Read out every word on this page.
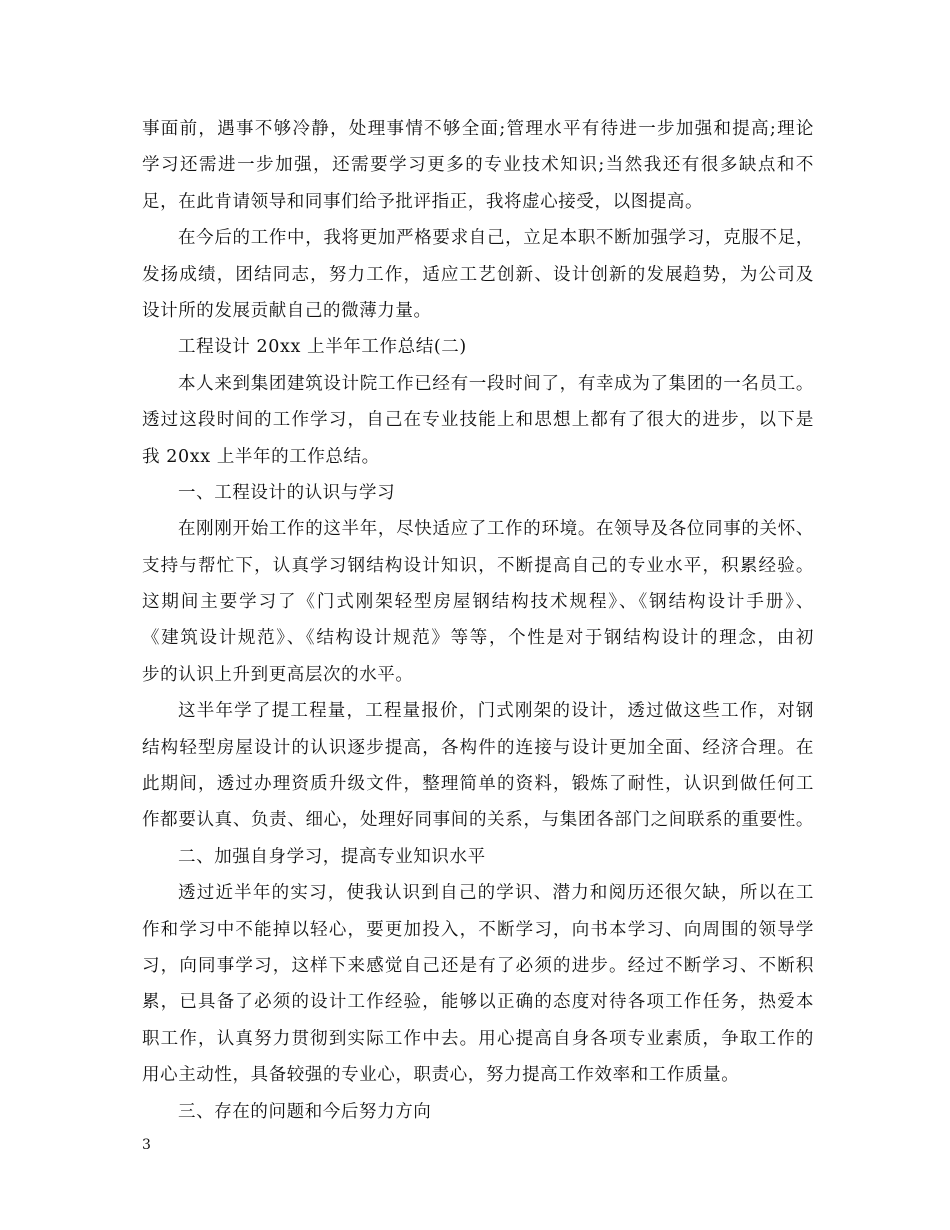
事面前，遇事不够冷静，处理事情不够全面;管理水平有待进一步加强和提高;理论
学习还需进一步加强，还需要学习更多的专业技术知识;当然我还有很多缺点和不
足，在此肯请领导和同事们给予批评指正，我将虚心接受，以图提高。
在今后的工作中，我将更加严格要求自己，立足本职不断加强学习，克服不足，
发扬成绩，团结同志，努力工作，适应工艺创新、设计创新的发展趋势，为公司及
设计所的发展贡献自己的微薄力量。
工程设计 20xx 上半年工作总结(二)
本人来到集团建筑设计院工作已经有一段时间了，有幸成为了集团的一名员工。
透过这段时间的工作学习，自己在专业技能上和思想上都有了很大的进步，以下是
我 20xx 上半年的工作总结。
一、工程设计的认识与学习
在刚刚开始工作的这半年，尽快适应了工作的环境。在领导及各位同事的关怀、
支持与帮忙下，认真学习钢结构设计知识，不断提高自己的专业水平，积累经验。
这期间主要学习了《门式刚架轻型房屋钢结构技术规程》、《钢结构设计手册》、
《建筑设计规范》、《结构设计规范》等等，个性是对于钢结构设计的理念，由初
步的认识上升到更高层次的水平。
这半年学了提工程量，工程量报价，门式刚架的设计，透过做这些工作，对钢
结构轻型房屋设计的认识逐步提高，各构件的连接与设计更加全面、经济合理。在
此期间，透过办理资质升级文件，整理简单的资料，锻炼了耐性，认识到做任何工
作都要认真、负责、细心，处理好同事间的关系，与集团各部门之间联系的重要性。
二、加强自身学习，提高专业知识水平
透过近半年的实习，使我认识到自己的学识、潜力和阅历还很欠缺，所以在工
作和学习中不能掉以轻心，要更加投入，不断学习，向书本学习、向周围的领导学
习，向同事学习，这样下来感觉自己还是有了必须的进步。经过不断学习、不断积
累，已具备了必须的设计工作经验，能够以正确的态度对待各项工作任务，热爱本
职工作，认真努力贯彻到实际工作中去。用心提高自身各项专业素质，争取工作的
用心主动性，具备较强的专业心，职责心，努力提高工作效率和工作质量。
三、存在的问题和今后努力方向
3
